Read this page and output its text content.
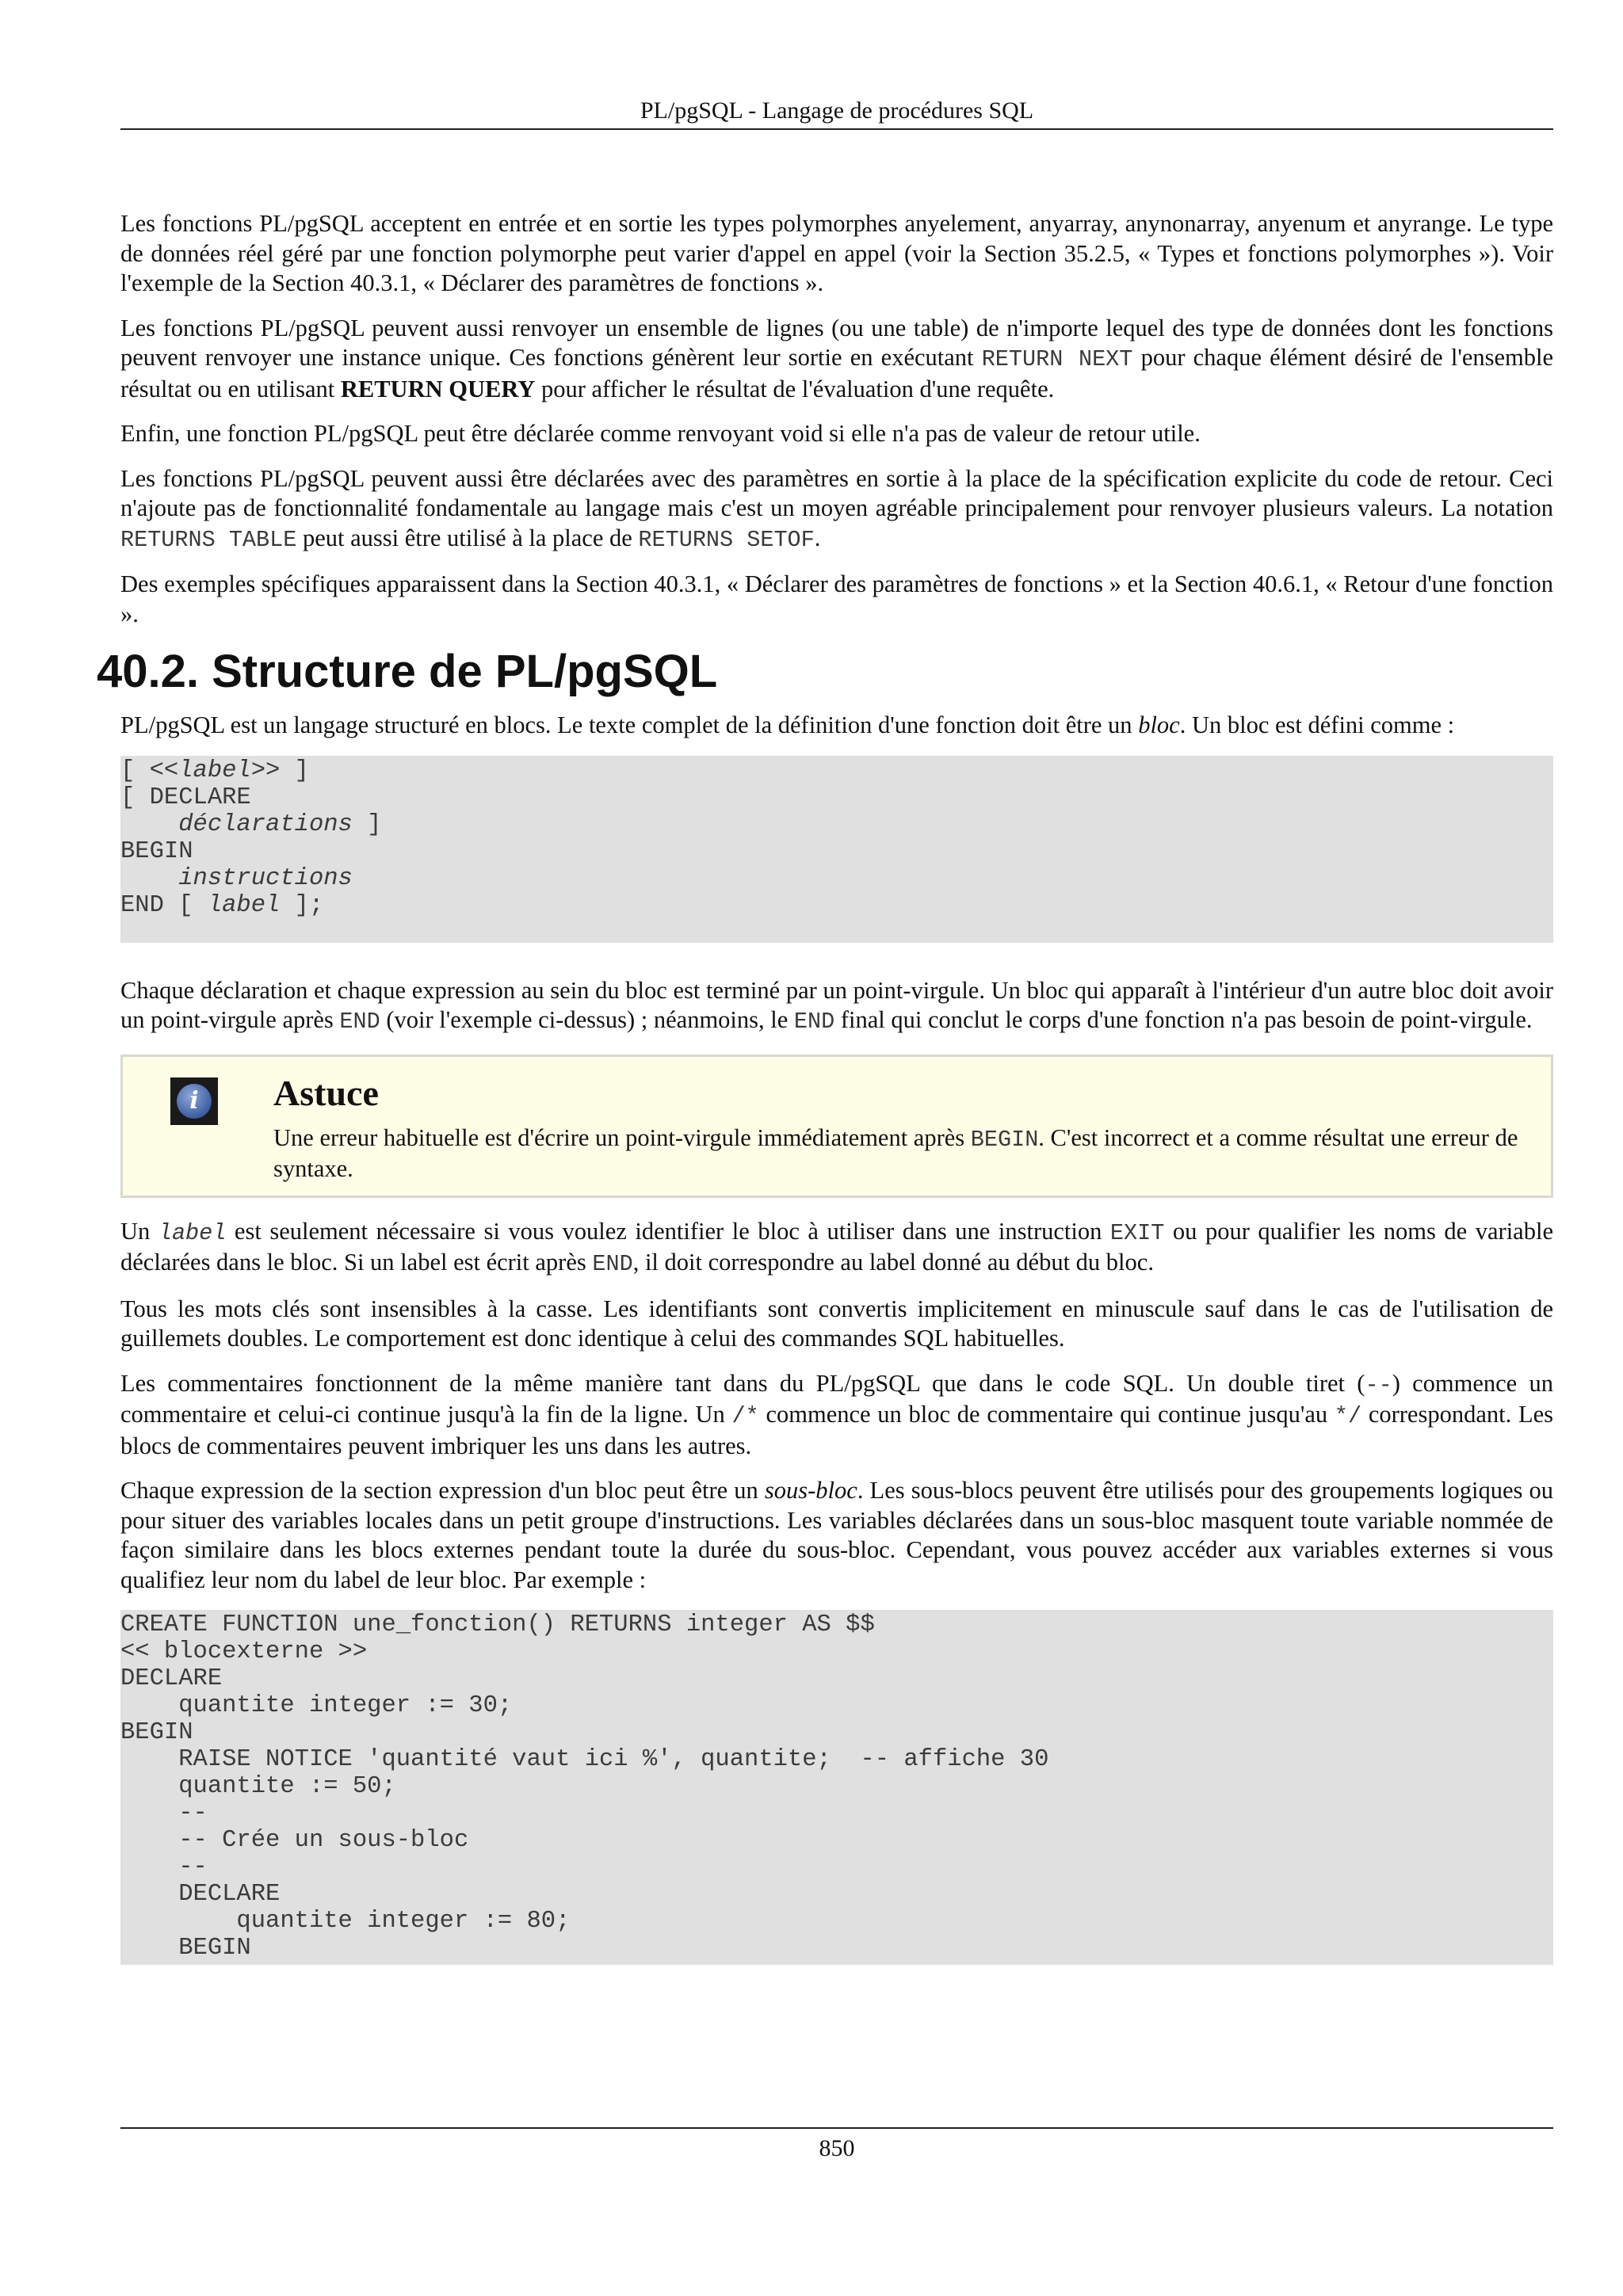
PL/pgSQL - Langage de procédures SQL

Les fonctions PL/pgSQL acceptent en entrée et en sortie les types polymorphes anyelement, anyarray, anynonarray, anyenum et anyrange. Le type de données réel géré par une fonction polymorphe peut varier d'appel en appel (voir la Section 35.2.5, « Types et fonctions polymorphes »). Voir l'exemple de la Section 40.3.1, « Déclarer des paramètres de fonctions ».

Les fonctions PL/pgSQL peuvent aussi renvoyer un ensemble de lignes (ou une table) de n'importe lequel des type de données dont les fonctions peuvent renvoyer une instance unique. Ces fonctions génèrent leur sortie en exécutant RETURN NEXT pour chaque élément désiré de l'ensemble résultat ou en utilisant RETURN QUERY pour afficher le résultat de l'évaluation d'une requête.

Enfin, une fonction PL/pgSQL peut être déclarée comme renvoyant void si elle n'a pas de valeur de retour utile.

Les fonctions PL/pgSQL peuvent aussi être déclarées avec des paramètres en sortie à la place de la spécification explicite du code de retour. Ceci n'ajoute pas de fonctionnalité fondamentale au langage mais c'est un moyen agréable principalement pour renvoyer plusieurs valeurs. La notation RETURNS TABLE peut aussi être utilisé à la place de RETURNS SETOF.

Des exemples spécifiques apparaissent dans la Section 40.3.1, « Déclarer des paramètres de fonctions » et la Section 40.6.1, « Retour d'une fonction ».

40.2. Structure de PL/pgSQL

PL/pgSQL est un langage structuré en blocs. Le texte complet de la définition d'une fonction doit être un bloc. Un bloc est défini comme :

[ <<label>> ]
[ DECLARE
déclarations ]
BEGIN
instructions
END [ label ];

Chaque déclaration et chaque expression au sein du bloc est terminé par un point-virgule. Un bloc qui apparaît à l'intérieur d'un autre bloc doit avoir un point-virgule après END (voir l'exemple ci-dessus) ; néanmoins, le END final qui conclut le corps d'une fonction n'a pas besoin de point-virgule.

i	Astuce

Une erreur habituelle est d'écrire un point-virgule immédiatement après BEGIN. C'est incorrect et a comme résultat une erreur de syntaxe.

Un label est seulement nécessaire si vous voulez identifier le bloc à utiliser dans une instruction EXIT ou pour qualifier les noms de variable déclarées dans le bloc. Si un label est écrit après END, il doit correspondre au label donné au début du bloc.

Tous les mots clés sont insensibles à la casse. Les identifiants sont convertis implicitement en minuscule sauf dans le cas de l'utilisation de guillemets doubles. Le comportement est donc identique à celui des commandes SQL habituelles.

Les commentaires fonctionnent de la même manière tant dans du PL/pgSQL que dans le code SQL. Un double tiret (--) commence un commentaire et celui-ci continue jusqu'à la fin de la ligne. Un /* commence un bloc de commentaire qui continue jusqu'au */ correspondant. Les blocs de commentaires peuvent imbriquer les uns dans les autres.

Chaque expression de la section expression d'un bloc peut être un sous-bloc. Les sous-blocs peuvent être utilisés pour des groupements logiques ou pour situer des variables locales dans un petit groupe d'instructions. Les variables déclarées dans un sous-bloc masquent toute variable nommée de façon similaire dans les blocs externes pendant toute la durée du sous-bloc. Cependant, vous pouvez accéder aux variables externes si vous qualifiez leur nom du label de leur bloc. Par exemple :

CREATE FUNCTION une_fonction() RETURNS integer AS $$
<< blocexterne >>
DECLARE
quantite integer := 30;
BEGIN
RAISE NOTICE 'quantité vaut ici %', quantite;  -- affiche 30
quantite := 50;
--
-- Crée un sous-bloc
--
DECLARE
quantite integer := 80;
BEGIN
850
